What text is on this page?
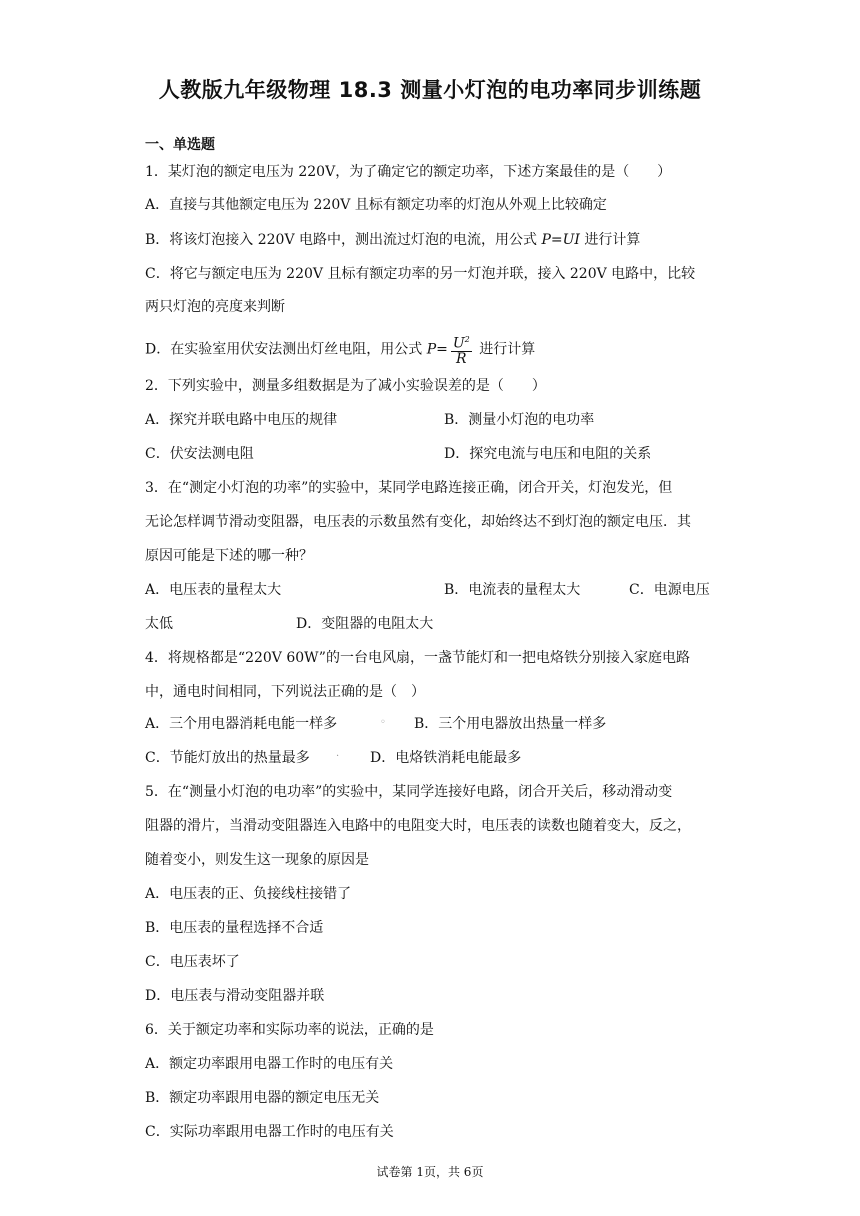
人教版九年级物理 18.3 测量小灯泡的电功率同步训练题
一、单选题
1．某灯泡的额定电压为 220V，为了确定它的额定功率，下述方案最佳的是（　　）
A．直接与其他额定电压为 220V 且标有额定功率的灯泡从外观上比较确定
B．将该灯泡接入 220V 电路中，测出流过灯泡的电流，用公式 P=UI 进行计算
C．将它与额定电压为 220V 且标有额定功率的另一灯泡并联，接入 220V 电路中，比较
两只灯泡的亮度来判断
D．在实验室用伏安法测出灯丝电阻，用公式 $P= \frac{U^2}{R}$ 进行计算
2．下列实验中，测量多组数据是为了减小实验误差的是（　　）
A．探究并联电路中电压的规律	B．测量小灯泡的电功率
C．伏安法测电阻	D．探究电流与电压和电阻的关系
3．在“测定小灯泡的功率”的实验中，某同学电路连接正确，闭合开关，灯泡发光，但
无论怎样调节滑动变阻器，电压表的示数虽然有变化，却始终达不到灯泡的额定电压．其
原因可能是下述的哪一种？
A．电压表的量程太大	B．电流表的量程太大	C．电源电压
太低	D．变阻器的电阻太大
4．将规格都是“220V 60W”的一台电风扇，一盏节能灯和一把电烙铁分别接入家庭电路
中，通电时间相同，下列说法正确的是（　）
A．三个用电器消耗电能一样多	◦ B．三个用电器放出热量一样多
C．节能灯放出的热量最多	· D．电烙铁消耗电能最多
5．在“测量小灯泡的电功率”的实验中，某同学连接好电路，闭合开关后，移动滑动变
阻器的滑片，当滑动变阻器连入电路中的电阻变大时，电压表的读数也随着变大，反之，
随着变小，则发生这一现象的原因是
A．电压表的正、负接线柱接错了
B．电压表的量程选择不合适
C．电压表坏了
D．电压表与滑动变阻器并联
6．关于额定功率和实际功率的说法，正确的是
A．额定功率跟用电器工作时的电压有关
B．额定功率跟用电器的额定电压无关
C．实际功率跟用电器工作时的电压有关
试卷第 1页，共 6页
